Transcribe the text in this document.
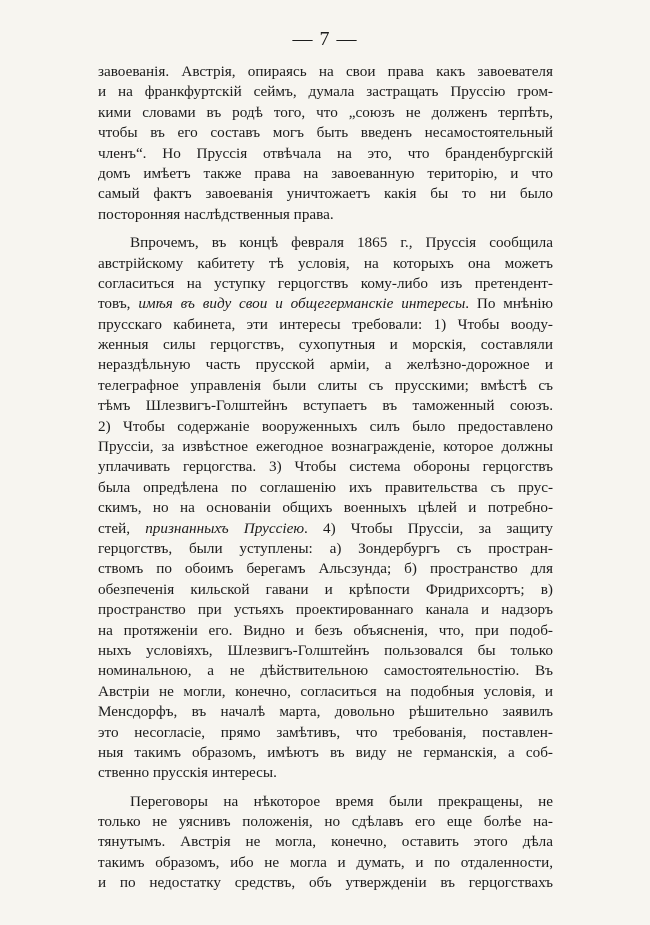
— 7 —
завоеванія. Австрія, опираясь на свои права какъ завоевателя
и на франкфуртскій сеймъ, думала застращать Пруссію гром-
кими словами въ родѣ того, что „союзъ не долженъ терпѣть,
чтобы въ его составъ могъ быть введенъ несамостоятельный
членъ“. Но Пруссія отвѣчала на это, что бранденбургскій
домъ имѣетъ также права на завоеванную територію, и что
самый фактъ завоеванія уничтожаетъ какія бы то ни было
посторонняя наслѣдственныя права.
Впрочемъ, въ концѣ февраля 1865 г., Пруссія сообщила
австрійскому кабитету тѣ условія, на которыхъ она можетъ
согласиться на уступку герцогствъ кому-либо изъ претендент-
товъ, имѣя въ виду свои и общегерманскіе интересы. По мнѣнію
прусскаго кабинета, эти интересы требовали: 1) Чтобы вооду-
женныя силы герцогствъ, сухопутныя и морскія, составляли
нераздѣльную часть прусской арміи, а желѣзно-дорожное и
телеграфное управленія были слиты съ прусскими; вмѣстѣ съ
тѣмъ Шлезвигъ-Голштейнъ вступаетъ въ таможенный союзъ.
2) Чтобы содержаніе вооруженныхъ силъ было предоставлено
Пруссіи, за извѣстное ежегодное вознагражденіе, которое должны
уплачивать герцогства. 3) Чтобы система обороны герцогствъ
была опредѣлена по соглашенію ихъ правительства съ прус-
скимъ, но на основаніи общихъ военныхъ цѣлей и потребно-
стей, признанныхъ Пруссіею. 4) Чтобы Пруссіи, за защиту
герцогствъ, были уступлены: а) Зондербургъ съ простран-
ствомъ по обоимъ берегамъ Альсзунда; б) пространство для
обезпеченія кильской гавани и крѣпости Фридрихсортъ; в)
пространство при устьяхъ проектированнаго канала и надзоръ
на протяженіи его. Видно и безъ объясненія, что, при подоб-
ныхъ условіяхъ, Шлезвигъ-Голштейнъ пользовался бы только
номинальною, а не дѣйствительною самостоятельностію. Въ
Австріи не могли, конечно, согласиться на подобныя условія, и
Менсдорфъ, въ началѣ марта, довольно рѣшительно заявилъ
это несогласіе, прямо замѣтивъ, что требованія, поставлен-
ныя такимъ образомъ, имѣютъ въ виду не германскія, а соб-
ственно прусскія интересы.
Переговоры на нѣкоторое время были прекращены, не
только не уяснивъ положенія, но сдѣлавъ его еще болѣе на-
тянутымъ. Австрія не могла, конечно, оставить этого дѣла
такимъ образомъ, ибо не могла и думать, и по отдаленности,
и по недостатку средствъ, объ утвержденіи въ герцогствахъ
